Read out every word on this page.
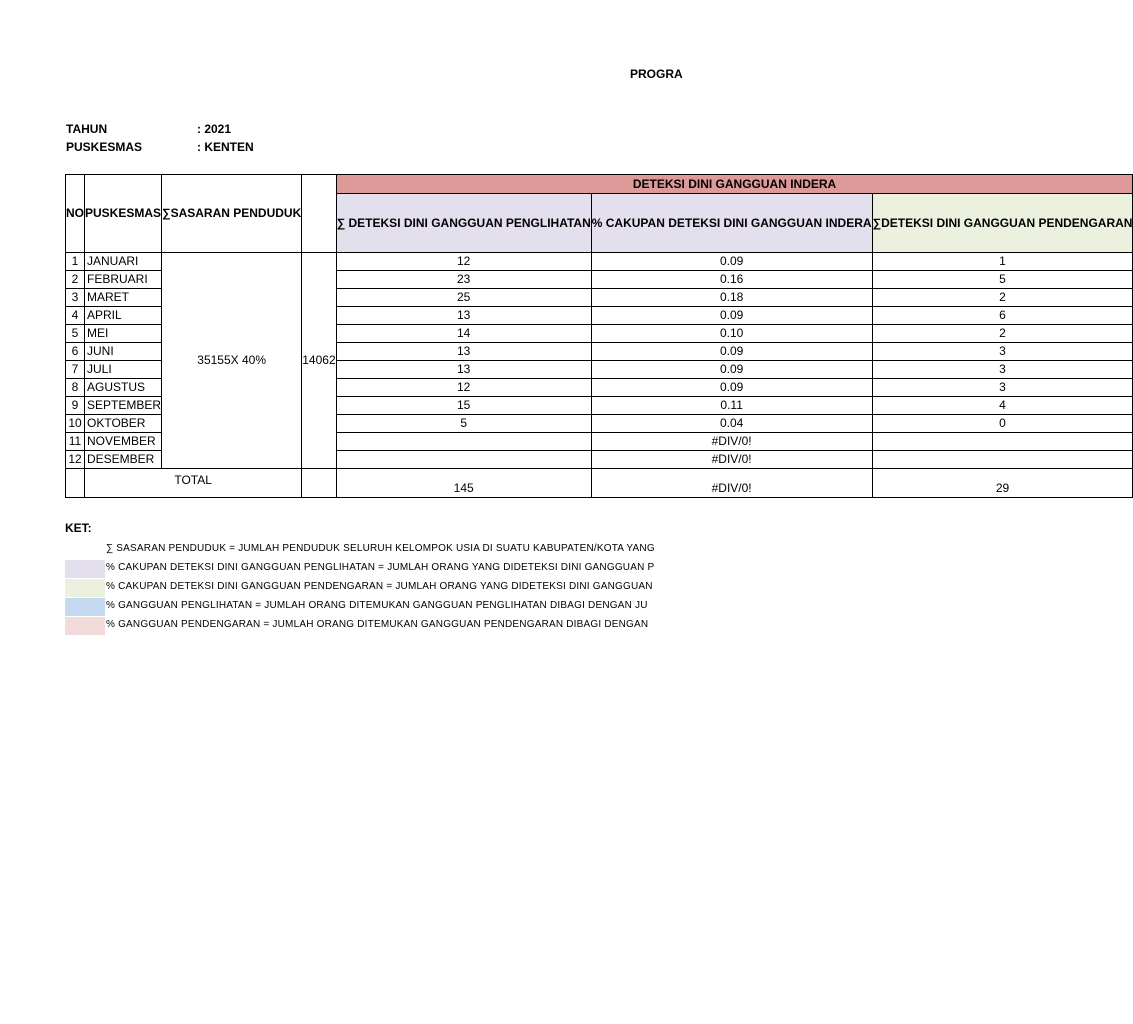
PROGRA
TAHUN	: 2021
PUSKESMAS	: KENTEN
NO	PUSKESMAS	∑SASARAN PENDUDUK		DETEKSI DINI GANGGUAN INDERA		
				∑ DETEKSI DINI GANGGUAN PENGLIHATAN	% CAKUPAN DETEKSI DINI GANGGUAN INDERA	∑DETEKSI DINI GANGGUAN PENDENGARAN
1	JANUARI	35155X 40%	14062	12	0.09	1
2	FEBRUARI			23	0.16	5
3	MARET			25	0.18	2
4	APRIL			13	0.09	6
5	MEI			14	0.10	2
6	JUNI			13	0.09	3
7	JULI			13	0.09	3
8	AGUSTUS			12	0.09	3
9	SEPTEMBER			15	0.11	4
10	OKTOBER			5	0.04	0
11	NOVEMBER				#DIV/0!	
12	DESEMBER				#DIV/0!	
	TOTAL			145	#DIV/0!	29
KET:
∑ SASARAN PENDUDUK = JUMLAH PENDUDUK SELURUH KELOMPOK USIA DI SUATU KABUPATEN/KOTA YANG
% CAKUPAN DETEKSI DINI GANGGUAN PENGLIHATAN = JUMLAH ORANG YANG DIDETEKSI DINI GANGGUAN P
% CAKUPAN DETEKSI DINI GANGGUAN PENDENGARAN = JUMLAH ORANG YANG DIDETEKSI DINI GANGGUAN
% GANGGUAN PENGLIHATAN = JUMLAH ORANG DITEMUKAN GANGGUAN PENGLIHATAN DIBAGI DENGAN JU
% GANGGUAN PENDENGARAN = JUMLAH ORANG DITEMUKAN GANGGUAN PENDENGARAN DIBAGI DENGAN
